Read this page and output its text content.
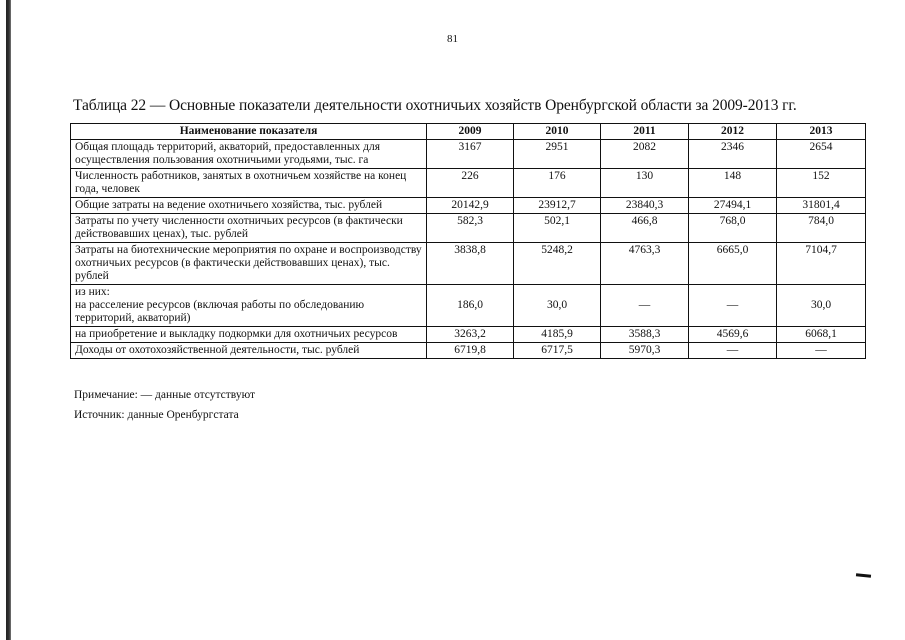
81
Таблица 22 — Основные показатели деятельности охотничьих хозяйств Оренбургской области за 2009-2013 гг.
Наименование показателя	2009	2010	2011	2012	2013
Общая площадь территорий, акваторий, предоставленных для осуществления пользования охотничьими угодьями, тыс. га	3167	2951	2082	2346	2654
Численность работников, занятых в охотничьем хозяйстве на конец года, человек	226	176	130	148	152
Общие затраты на ведение охотничьего хозяйства, тыс. рублей	20142,9	23912,7	23840,3	27494,1	31801,4
Затраты по учету численности охотничьих ресурсов (в фактически действовавших ценах), тыс. рублей	582,3	502,1	466,8	768,0	784,0
Затраты на биотехнические мероприятия по охране и воспроизводству охотничьих ресурсов (в фактически действовавших ценах), тыс. рублей	3838,8	5248,2	4763,3	6665,0	7104,7

из них:
на расселение ресурсов (включая работы по обследованию территорий, акваторий)	186,0	30,0	—	—	30,0

на приобретение и выкладку подкормки для охотничьих ресурсов	3263,2	4185,9	3588,3	4569,6	6068,1
Доходы от охотохозяйственной деятельности, тыс. рублей	6719,8	6717,5	5970,3	—	—
Примечание: — данные отсутствуют
Источник: данные Оренбургстата
